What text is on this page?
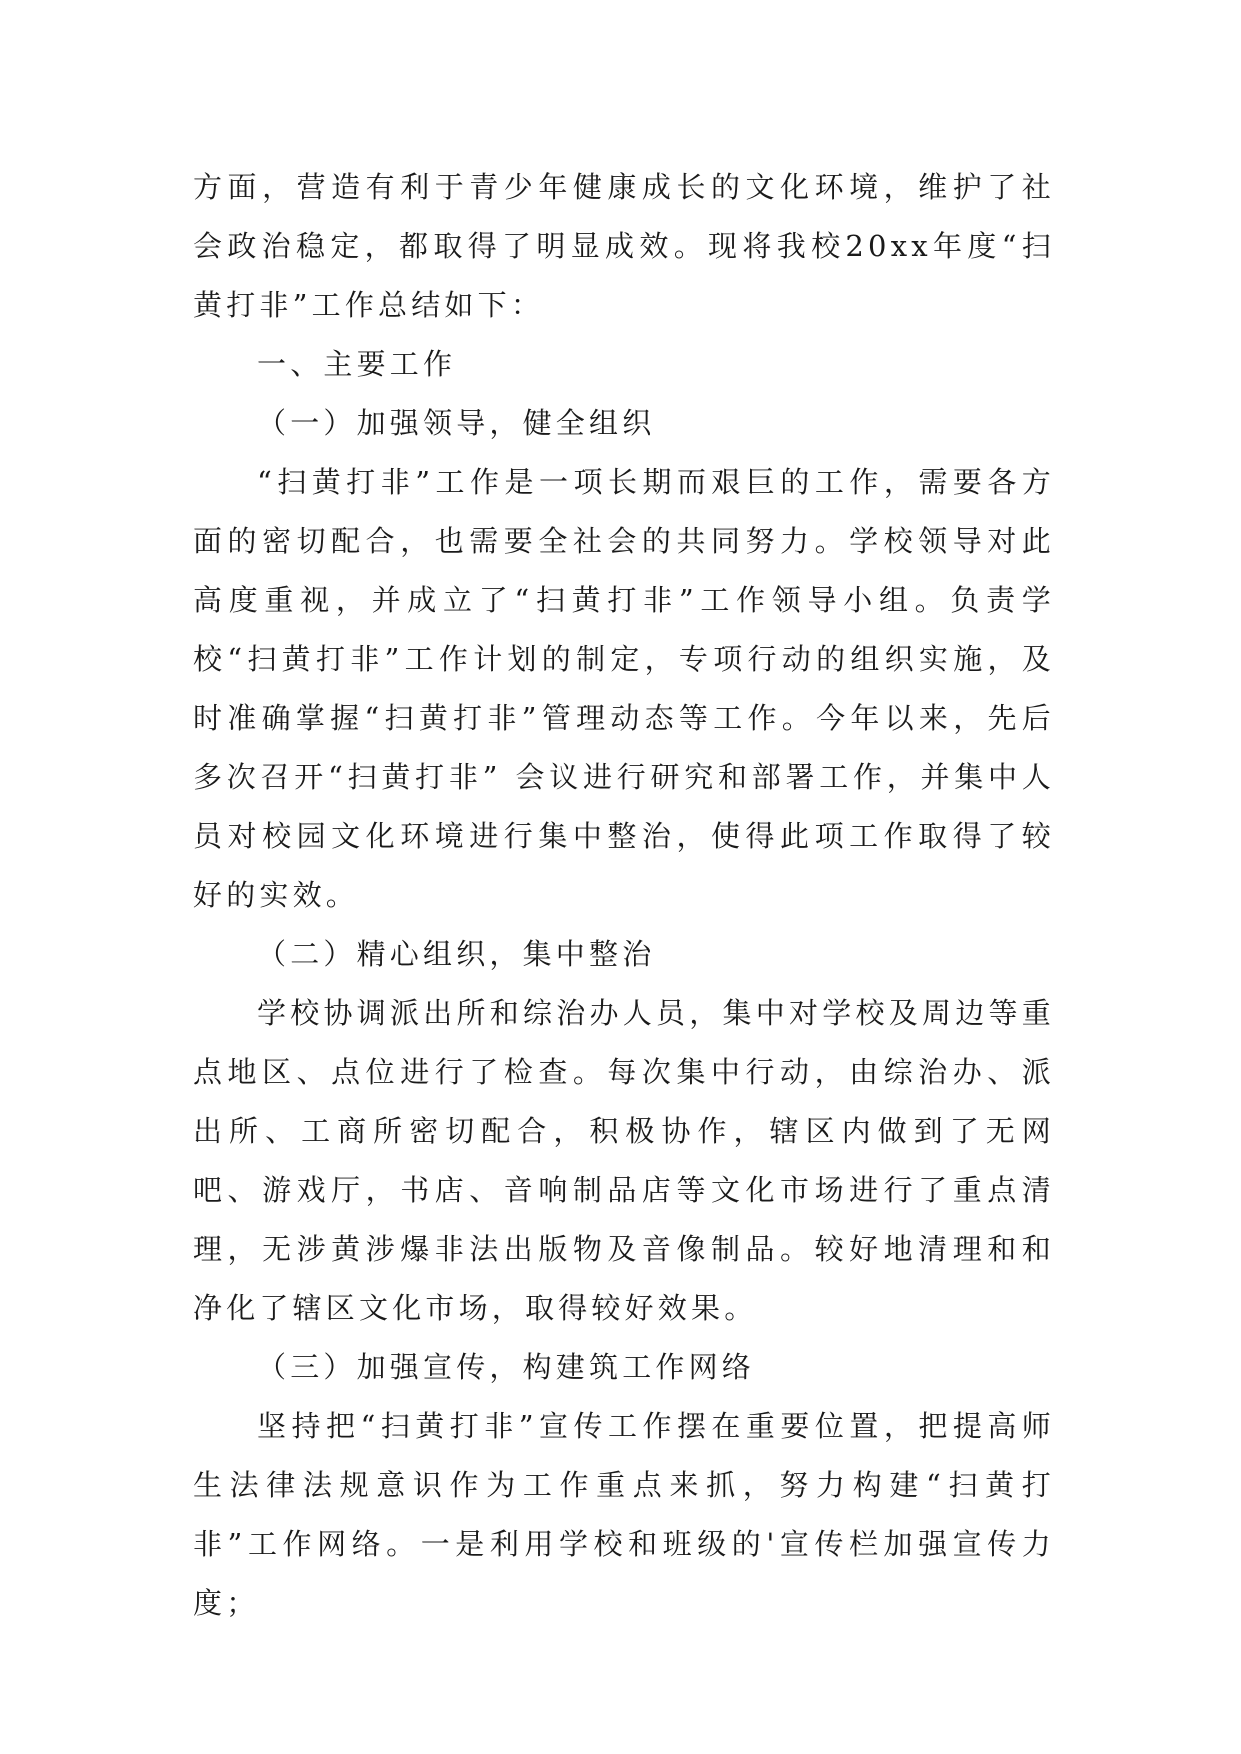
方面，营造有利于青少年健康成长的文化环境，维护了社会政治稳定，都取得了明显成效。现将我校20xx年度“扫黄打非”工作总结如下：

一、主要工作

（一）加强领导，健全组织

“扫黄打非”工作是一项长期而艰巨的工作，需要各方面的密切配合，也需要全社会的共同努力。学校领导对此高度重视，并成立了“扫黄打非”工作领导小组。负责学校“扫黄打非”工作计划的制定，专项行动的组织实施，及时准确掌握“扫黄打非”管理动态等工作。今年以来，先后多次召开“扫黄打非” 会议进行研究和部署工作，并集中人员对校园文化环境进行集中整治，使得此项工作取得了较好的实效。

（二）精心组织，集中整治

学校协调派出所和综治办人员，集中对学校及周边等重点地区、点位进行了检查。每次集中行动，由综治办、派出所、工商所密切配合，积极协作，辖区内做到了无网吧、游戏厅，书店、音响制品店等文化市场进行了重点清理，无涉黄涉爆非法出版物及音像制品。较好地清理和和净化了辖区文化市场，取得较好效果。

（三）加强宣传，构建筑工作网络

坚持把“扫黄打非”宣传工作摆在重要位置，把提高师生法律法规意识作为工作重点来抓，努力构建“扫黄打非”工作网络。一是利用学校和班级的'宣传栏加强宣传力度；
